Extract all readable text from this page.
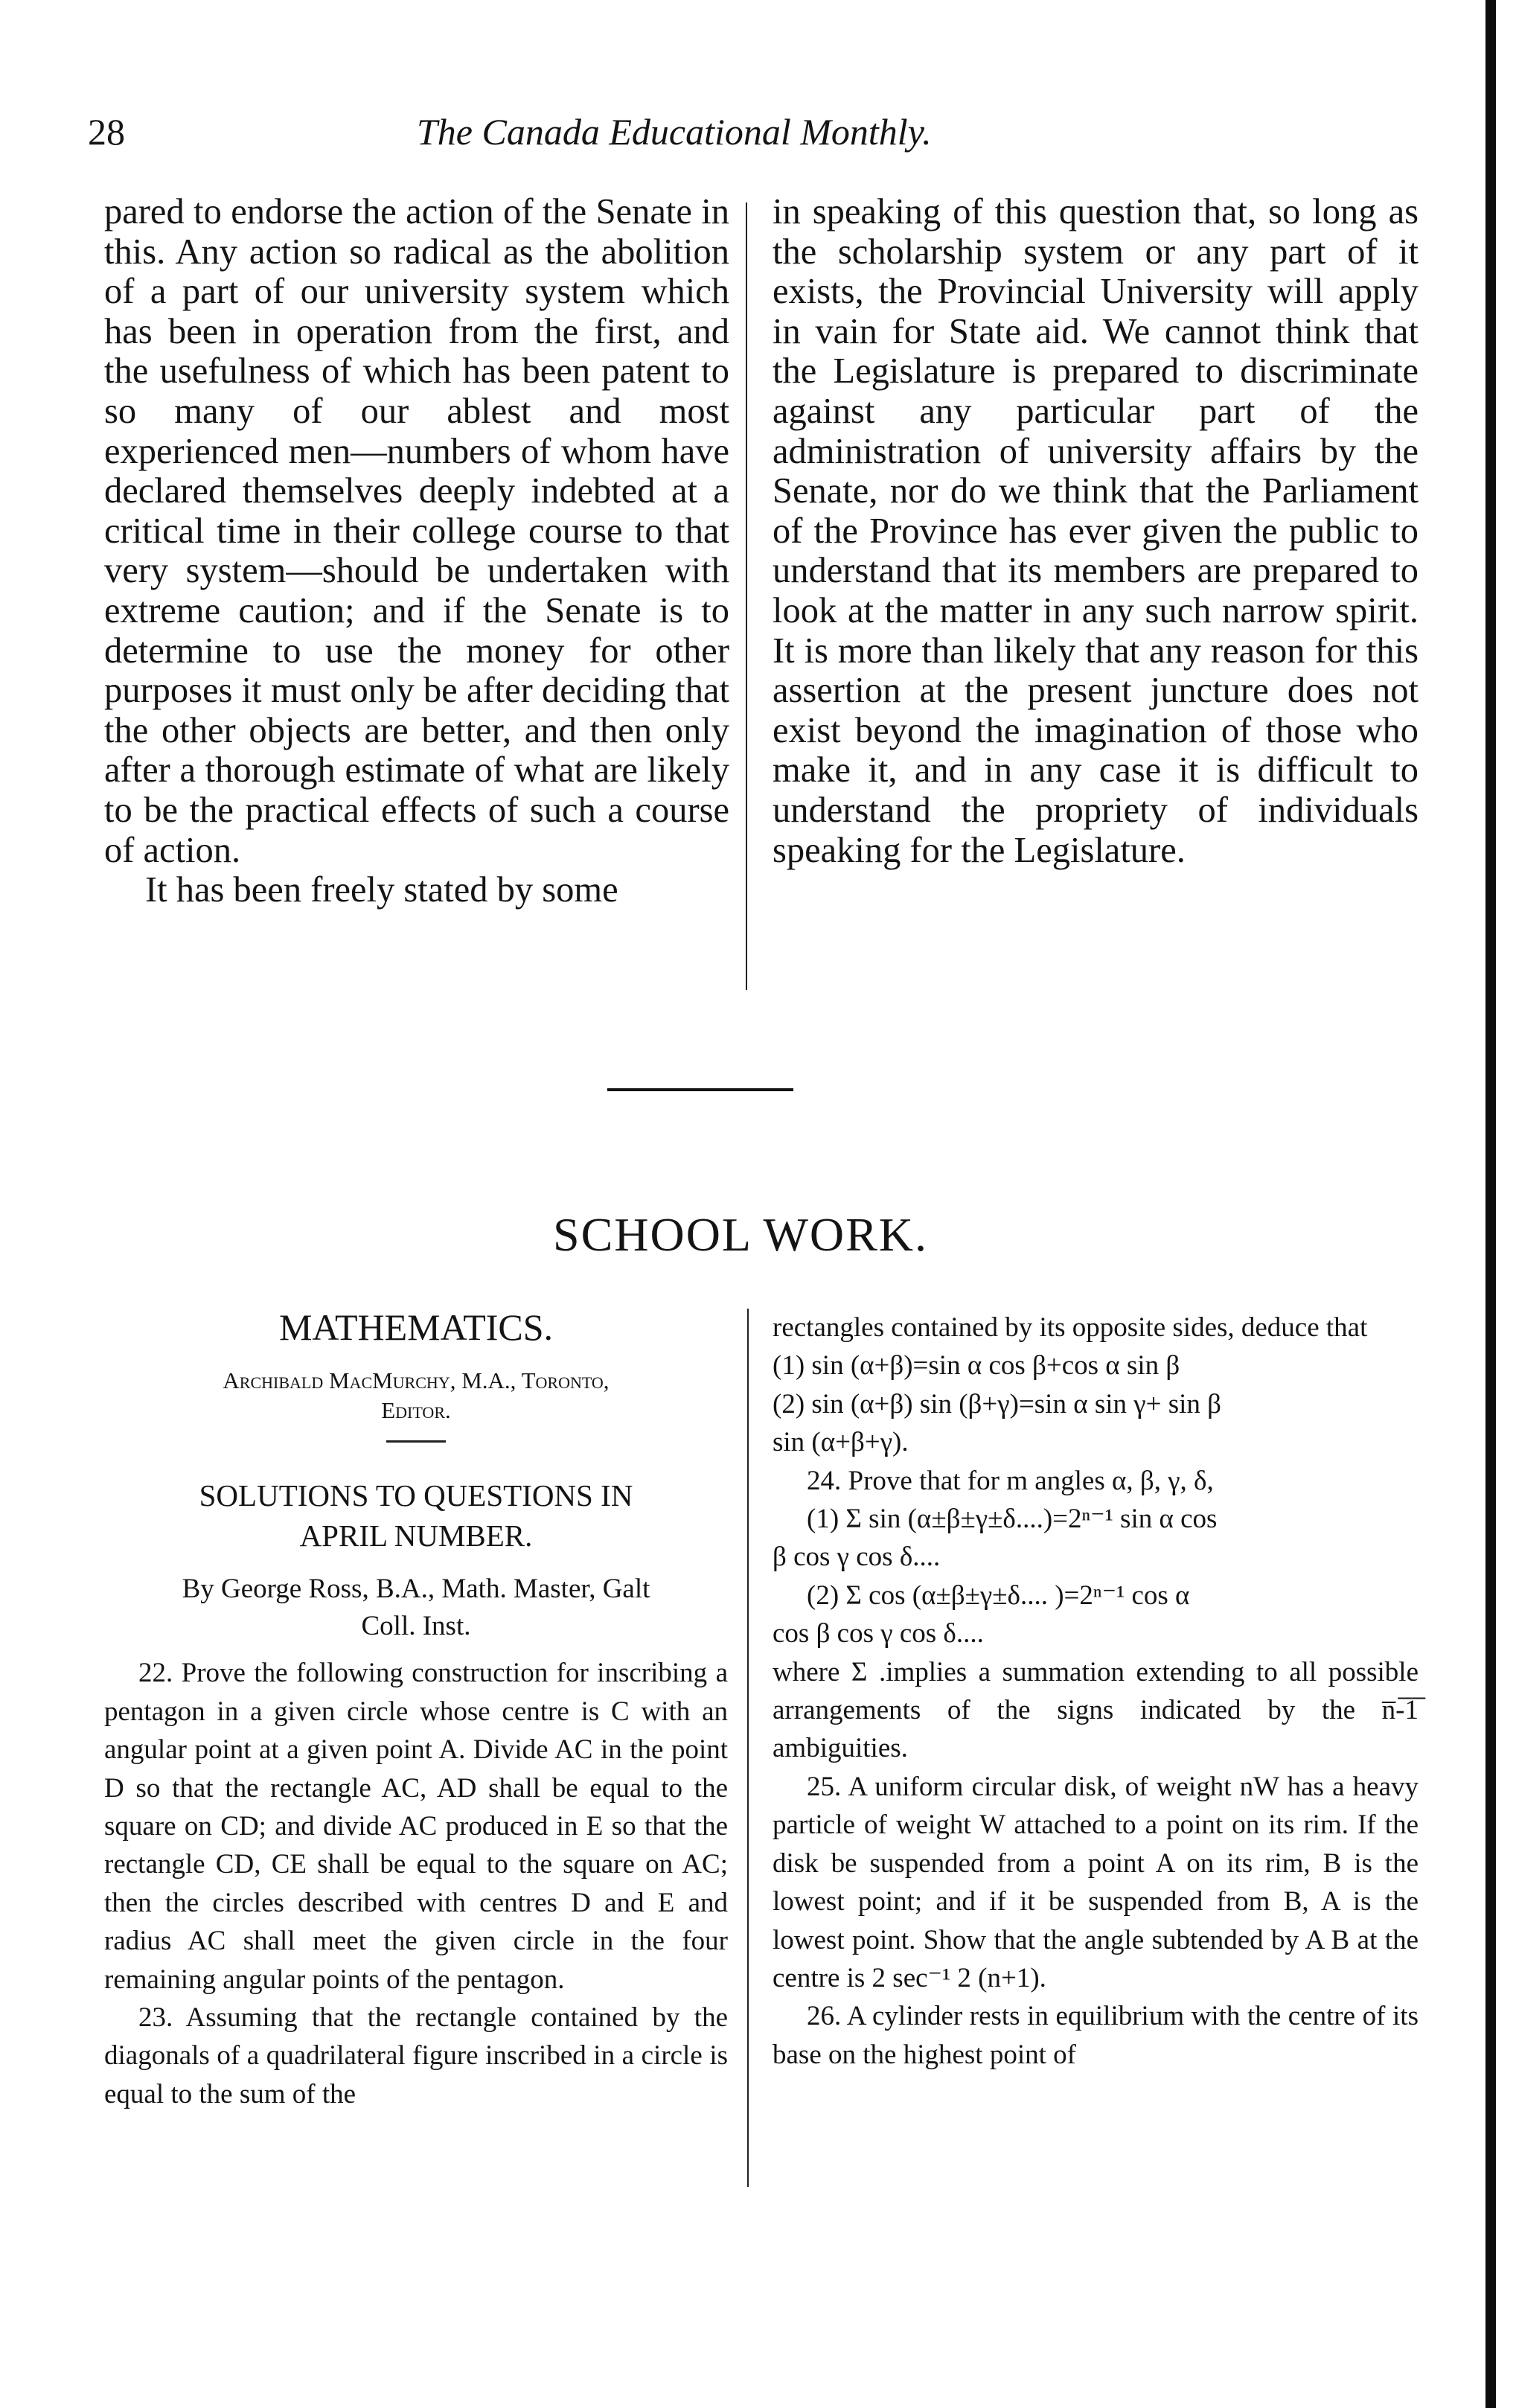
28	The Canada Educational Monthly.

pared to endorse the action of the Senate in this. Any action so radical as the abolition of a part of our university system which has been in operation from the first, and the usefulness of which has been patent to so many of our ablest and most experienced men—numbers of whom have declared themselves deeply indebted at a critical time in their college course to that very system—should be undertaken with extreme caution; and if the Senate is to determine to use the money for other purposes it must only be after deciding that the other objects are better, and then only after a thorough estimate of what are likely to be the practical effects of such a course of action.

It has been freely stated by some

in speaking of this question that, so long as the scholarship system or any part of it exists, the Provincial University will apply in vain for State aid. We cannot think that the Legislature is prepared to discriminate against any particular part of the administration of university affairs by the Senate, nor do we think that the Parliament of the Province has ever given the public to understand that its members are prepared to look at the matter in any such narrow spirit. It is more than likely that any reason for this assertion at the present juncture does not exist beyond the imagination of those who make it, and in any case it is difficult to understand the propriety of individuals speaking for the Legislature.

SCHOOL WORK.
MATHEMATICS.
Archibald MacMurchy, M.A., Toronto,
Editor.
SOLUTIONS TO QUESTIONS IN
APRIL NUMBER.
By George Ross, B.A., Math. Master, Galt
Coll. Inst.

22. Prove the following construction for inscribing a pentagon in a given circle whose centre is C with an angular point at a given point A. Divide AC in the point D so that the rectangle AC, AD shall be equal to the square on CD; and divide AC produced in E so that the rectangle CD, CE shall be equal to the square on AC; then the circles described with centres D and E and radius AC shall meet the given circle in the four remaining angular points of the pentagon.

23. Assuming that the rectangle contained by the diagonals of a quadrilateral figure inscribed in a circle is equal to the sum of the

rectangles contained by its opposite sides, deduce that

(1) sin (α+β)=sin α cos β+cos α sin β
(2) sin (α+β) sin (β+γ)=sin α sin γ+ sin β
sin (α+β+γ).
24. Prove that for m angles α, β, γ, δ,
(1) Σ sin (α±β±γ±δ....)=2ⁿ⁻¹ sin α cos
β cos γ cos δ....
(2) Σ cos (α±β±γ±δ.... )=2ⁿ⁻¹ cos α
cos β cos γ cos δ....

where Σ .implies a summation extending to all possible arrangements of the signs indicated by the n̅-̅1̅ ambiguities.

25. A uniform circular disk, of weight nW has a heavy particle of weight W attached to a point on its rim. If the disk be suspended from a point A on its rim, B is the lowest point; and if it be suspended from B, A is the lowest point. Show that the angle subtended by A B at the centre is 2 sec⁻¹ 2 (n+1).

26. A cylinder rests in equilibrium with the centre of its base on the highest point of
